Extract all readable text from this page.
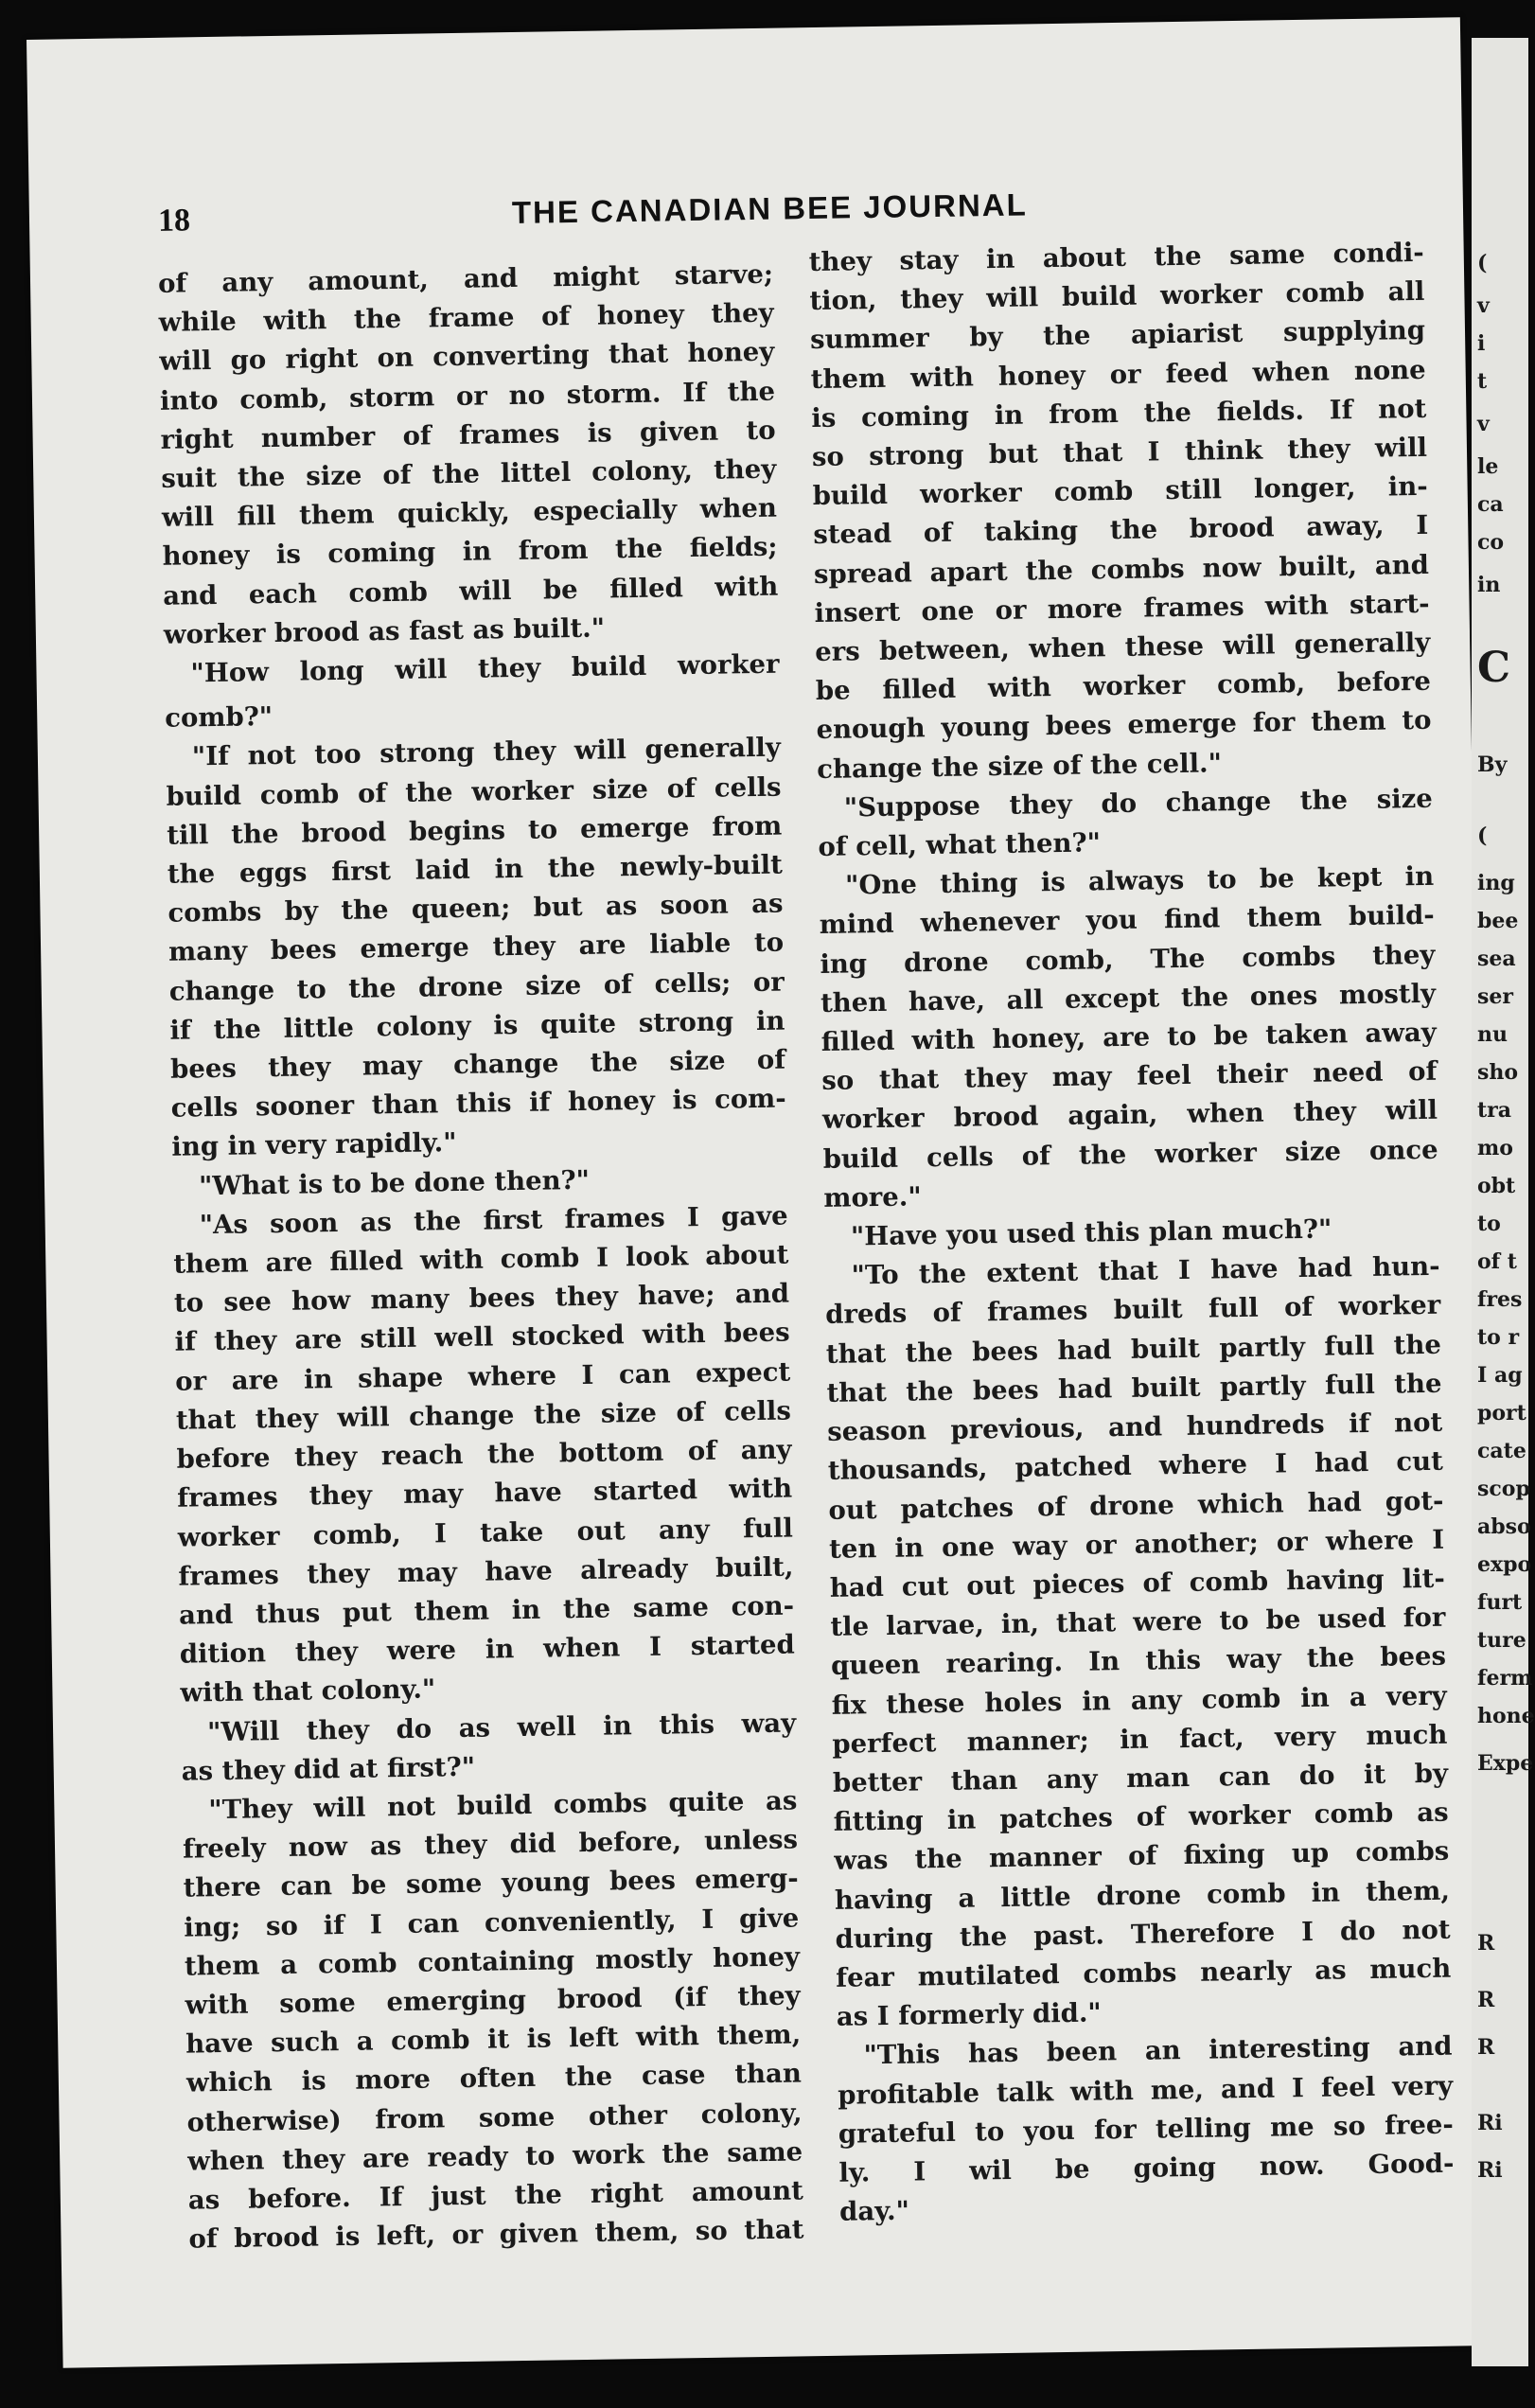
18	THE CANADIAN BEE JOURNAL
of any amount, and might starve;
while with the frame of honey they
will go right on converting that honey
into comb, storm or no storm. If the
right number of frames is given to
suit the size of the littel colony, they
will fill them quickly, especially when
honey is coming in from the fields;
and each comb will be filled with
worker brood as fast as built."
"How long will they build worker
comb?"
"If not too strong they will generally
build comb of the worker size of cells
till the brood begins to emerge from
the eggs first laid in the newly-built
combs by the queen; but as soon as
many bees emerge they are liable to
change to the drone size of cells; or
if the little colony is quite strong in
bees they may change the size of
cells sooner than this if honey is com-
ing in very rapidly."
"What is to be done then?"
"As soon as the first frames I gave
them are filled with comb I look about
to see how many bees they have; and
if they are still well stocked with bees
or are in shape where I can expect
that they will change the size of cells
before they reach the bottom of any
frames they may have started with
worker comb, I take out any full
frames they may have already built,
and thus put them in the same con-
dition they were in when I started
with that colony."
"Will they do as well in this way
as they did at first?"
"They will not build combs quite as
freely now as they did before, unless
there can be some young bees emerg-
ing; so if I can conveniently, I give
them a comb containing mostly honey
with some emerging brood (if they
have such a comb it is left with them,
which is more often the case than
otherwise) from some other colony,
when they are ready to work the same
as before. If just the right amount
of brood is left, or given them, so that
they stay in about the same condi-
tion, they will build worker comb all
summer by the apiarist supplying
them with honey or feed when none
is coming in from the fields. If not
so strong but that I think they will
build worker comb still longer, in-
stead of taking the brood away, I
spread apart the combs now built, and
insert one or more frames with start-
ers between, when these will generally
be filled with worker comb, before
enough young bees emerge for them to
change the size of the cell."
"Suppose they do change the size
of cell, what then?"
"One thing is always to be kept in
mind whenever you find them build-
ing drone comb, The combs they
then have, all except the ones mostly
filled with honey, are to be taken away
so that they may feel their need of
worker brood again, when they will
build cells of the worker size once
more."
"Have you used this plan much?"
"To the extent that I have had hun-
dreds of frames built full of worker
that the bees had built partly full the
that the bees had built partly full the
season previous, and hundreds if not
thousands, patched where I had cut
out patches of drone which had got-
ten in one way or another; or where I
had cut out pieces of comb having lit-
tle larvae, in, that were to be used for
queen rearing. In this way the bees
fix these holes in any comb in a very
perfect manner; in fact, very much
better than any man can do it by
fitting in patches of worker comb as
was the manner of fixing up combs
having a little drone comb in them,
during the past. Therefore I do not
fear mutilated combs nearly as much
as I formerly did."
"This has been an interesting and
profitable talk with me, and I feel very
grateful to you for telling me so free-
ly. I wil be going now. Good-
day."
(
v
i
t
v
le
ca
co
in
C
By
(
ing
bee
sea
ser
nu
sho
tra
mo
obt
to
of t
fres
to r
I ag
port
cate
scop
abso
expo
furt
ture
ferm
hone
Expe
R
R
R
Ri
Ri
